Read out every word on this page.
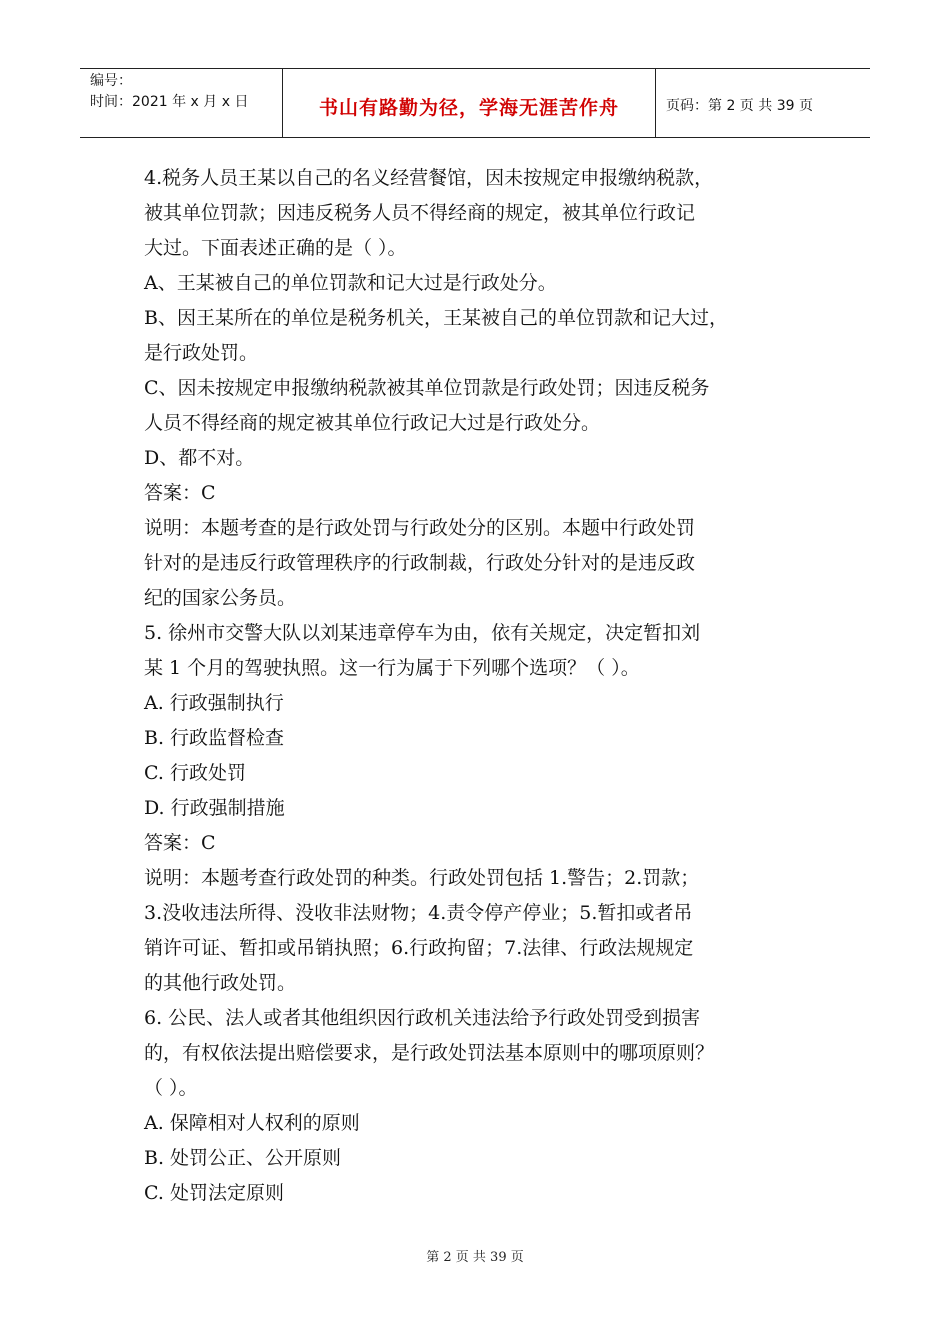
编号：
时间：2021 年 x 月 x 日	书山有路勤为径，学海无涯苦作舟	页码：第 2 页 共 39 页

4.税务人员王某以自己的名义经营餐馆，因未按规定申报缴纳税款，

被其单位罚款；因违反税务人员不得经商的规定，被其单位行政记

大过。下面表述正确的是（ ）。

A、王某被自己的单位罚款和记大过是行政处分。

B、因王某所在的单位是税务机关，王某被自己的单位罚款和记大过，

是行政处罚。

C、因未按规定申报缴纳税款被其单位罚款是行政处罚；因违反税务

人员不得经商的规定被其单位行政记大过是行政处分。

D、都不对。

答案：C

说明：本题考查的是行政处罚与行政处分的区别。本题中行政处罚

针对的是违反行政管理秩序的行政制裁，行政处分针对的是违反政

纪的国家公务员。

5. 徐州市交警大队以刘某违章停车为由，依有关规定，决定暂扣刘

某 1 个月的驾驶执照。这一行为属于下列哪个选项？（ ）。

A. 行政强制执行

B. 行政监督检查

C. 行政处罚

D. 行政强制措施

答案：C

说明：本题考查行政处罚的种类。行政处罚包括 1.警告；2.罚款；

3.没收违法所得、没收非法财物；4.责令停产停业；5.暂扣或者吊

销许可证、暂扣或吊销执照；6.行政拘留；7.法律、行政法规规定

的其他行政处罚。

6. 公民、法人或者其他组织因行政机关违法给予行政处罚受到损害

的，有权依法提出赔偿要求，是行政处罚法基本原则中的哪项原则？

（ ）。

A. 保障相对人权利的原则

B. 处罚公正、公开原则

C. 处罚法定原则

第 2 页 共 39 页
